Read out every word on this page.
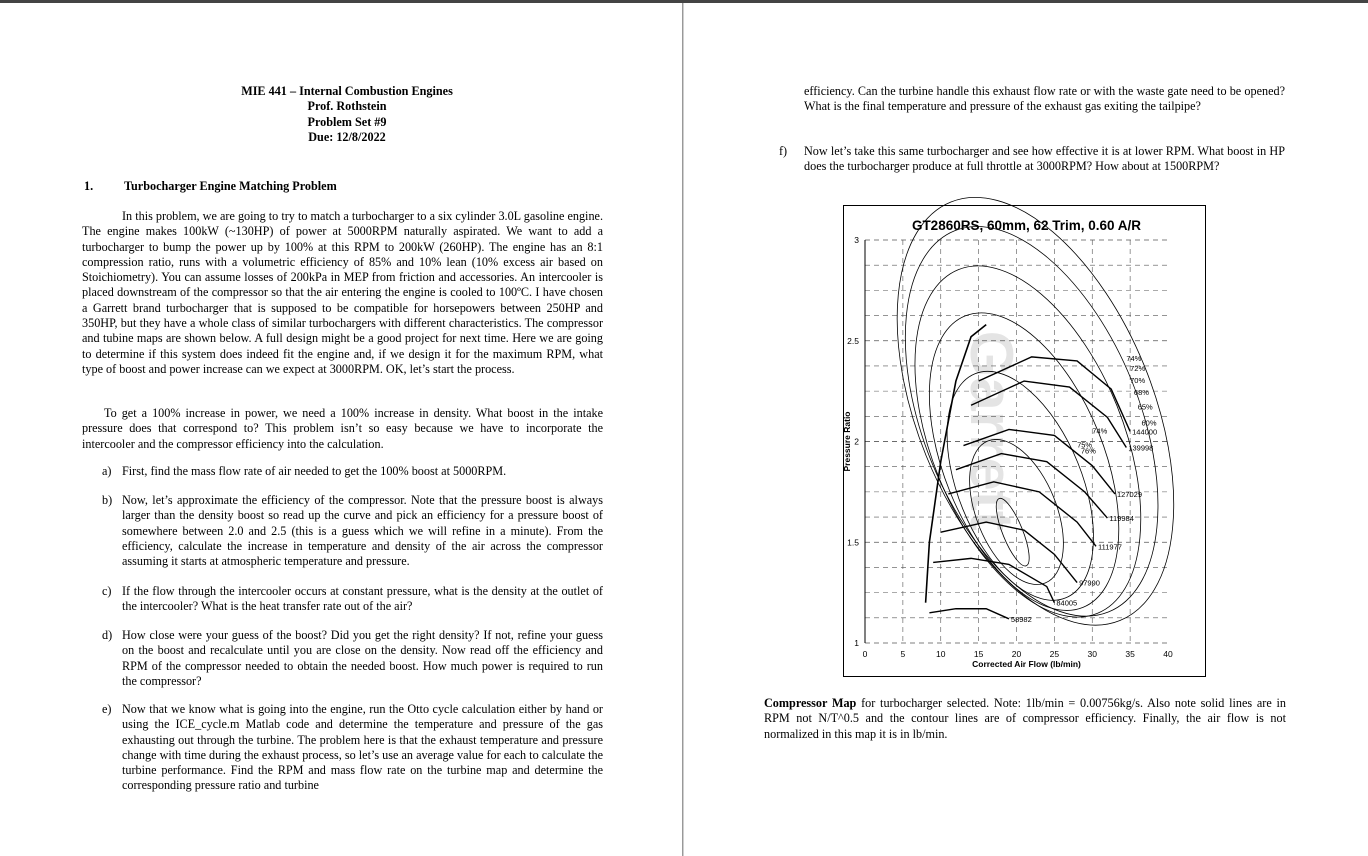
MIE 441 – Internal Combustion Engines
Prof. Rothstein
Problem Set #9
Due: 12/8/2022
1.	Turbocharger Engine Matching Problem
In this problem, we are going to try to match a turbocharger to a six cylinder 3.0L gasoline engine. The engine makes 100kW (~130HP) of power at 5000RPM naturally aspirated. We want to add a turbocharger to bump the power up by 100% at this RPM to 200kW (260HP). The engine has an 8:1 compression ratio, runs with a volumetric efficiency of 85% and 10% lean (10% excess air based on Stoichiometry). You can assume losses of 200kPa in MEP from friction and accessories. An intercooler is placed downstream of the compressor so that the air entering the engine is cooled to 100ºC. I have chosen a Garrett brand turbocharger that is supposed to be compatible for horsepowers between 250HP and 350HP, but they have a whole class of similar turbochargers with different characteristics. The compressor and tubine maps are shown below. A full design might be a good project for next time. Here we are going to determine if this system does indeed fit the engine and, if we design it for the maximum RPM, what type of boost and power increase can we expect at 3000RPM. OK, let’s start the process.
To get a 100% increase in power, we need a 100% increase in density. What boost in the intake pressure does that correspond to? This problem isn’t so easy because we have to incorporate the intercooler and the compressor efficiency into the calculation.
a) First, find the mass flow rate of air needed to get the 100% boost at 5000RPM.
b) Now, let’s approximate the efficiency of the compressor. Note that the pressure boost is always larger than the density boost so read up the curve and pick an efficiency for a pressure boost of somewhere between 2.0 and 2.5 (this is a guess which we will refine in a minute). From the efficiency, calculate the increase in temperature and density of the air across the compressor assuming it starts at atmospheric temperature and pressure.
c) If the flow through the intercooler occurs at constant pressure, what is the density at the outlet of the intercooler? What is the heat transfer rate out of the air?
d) How close were your guess of the boost? Did you get the right density? If not, refine your guess on the boost and recalculate until you are close on the density. Now read off the efficiency and RPM of the compressor needed to obtain the needed boost. How much power is required to run the compressor?
e) Now that we know what is going into the engine, run the Otto cycle calculation either by hand or using the ICE_cycle.m Matlab code and determine the temperature and pressure of the gas exhausting out through the turbine. The problem here is that the exhaust temperature and pressure change with time during the exhaust process, so let’s use an average value for each to calculate the turbine performance. Find the RPM and mass flow rate on the turbine map and determine the corresponding pressure ratio and turbine
efficiency. Can the turbine handle this exhaust flow rate or with the waste gate need to be opened? What is the final temperature and pressure of the exhaust gas exiting the tailpipe?
f) Now let’s take this same turbocharger and see how effective it is at lower RPM. What boost in HP does the turbocharger produce at full throttle at 3000RPM? How about at 1500RPM?
Garrett
0	5	10	15	20	25	30	35	40
1
1.5
2
2.5
3
GT2860RS, 60mm, 62 Trim, 0.60 A/R
Corrected Air Flow (lb/min)
Pressure Ratio
58982
84005
97990
111977
119984
127029
139998
144000
74%
72%
70%
68%
65%
60%
74%
75%
76%
Compressor Map for turbocharger selected. Note: 1lb/min = 0.00756kg/s. Also note solid lines are in RPM not N/T^0.5 and the contour lines are of compressor efficiency. Finally, the air flow is not normalized in this map it is in lb/min.
